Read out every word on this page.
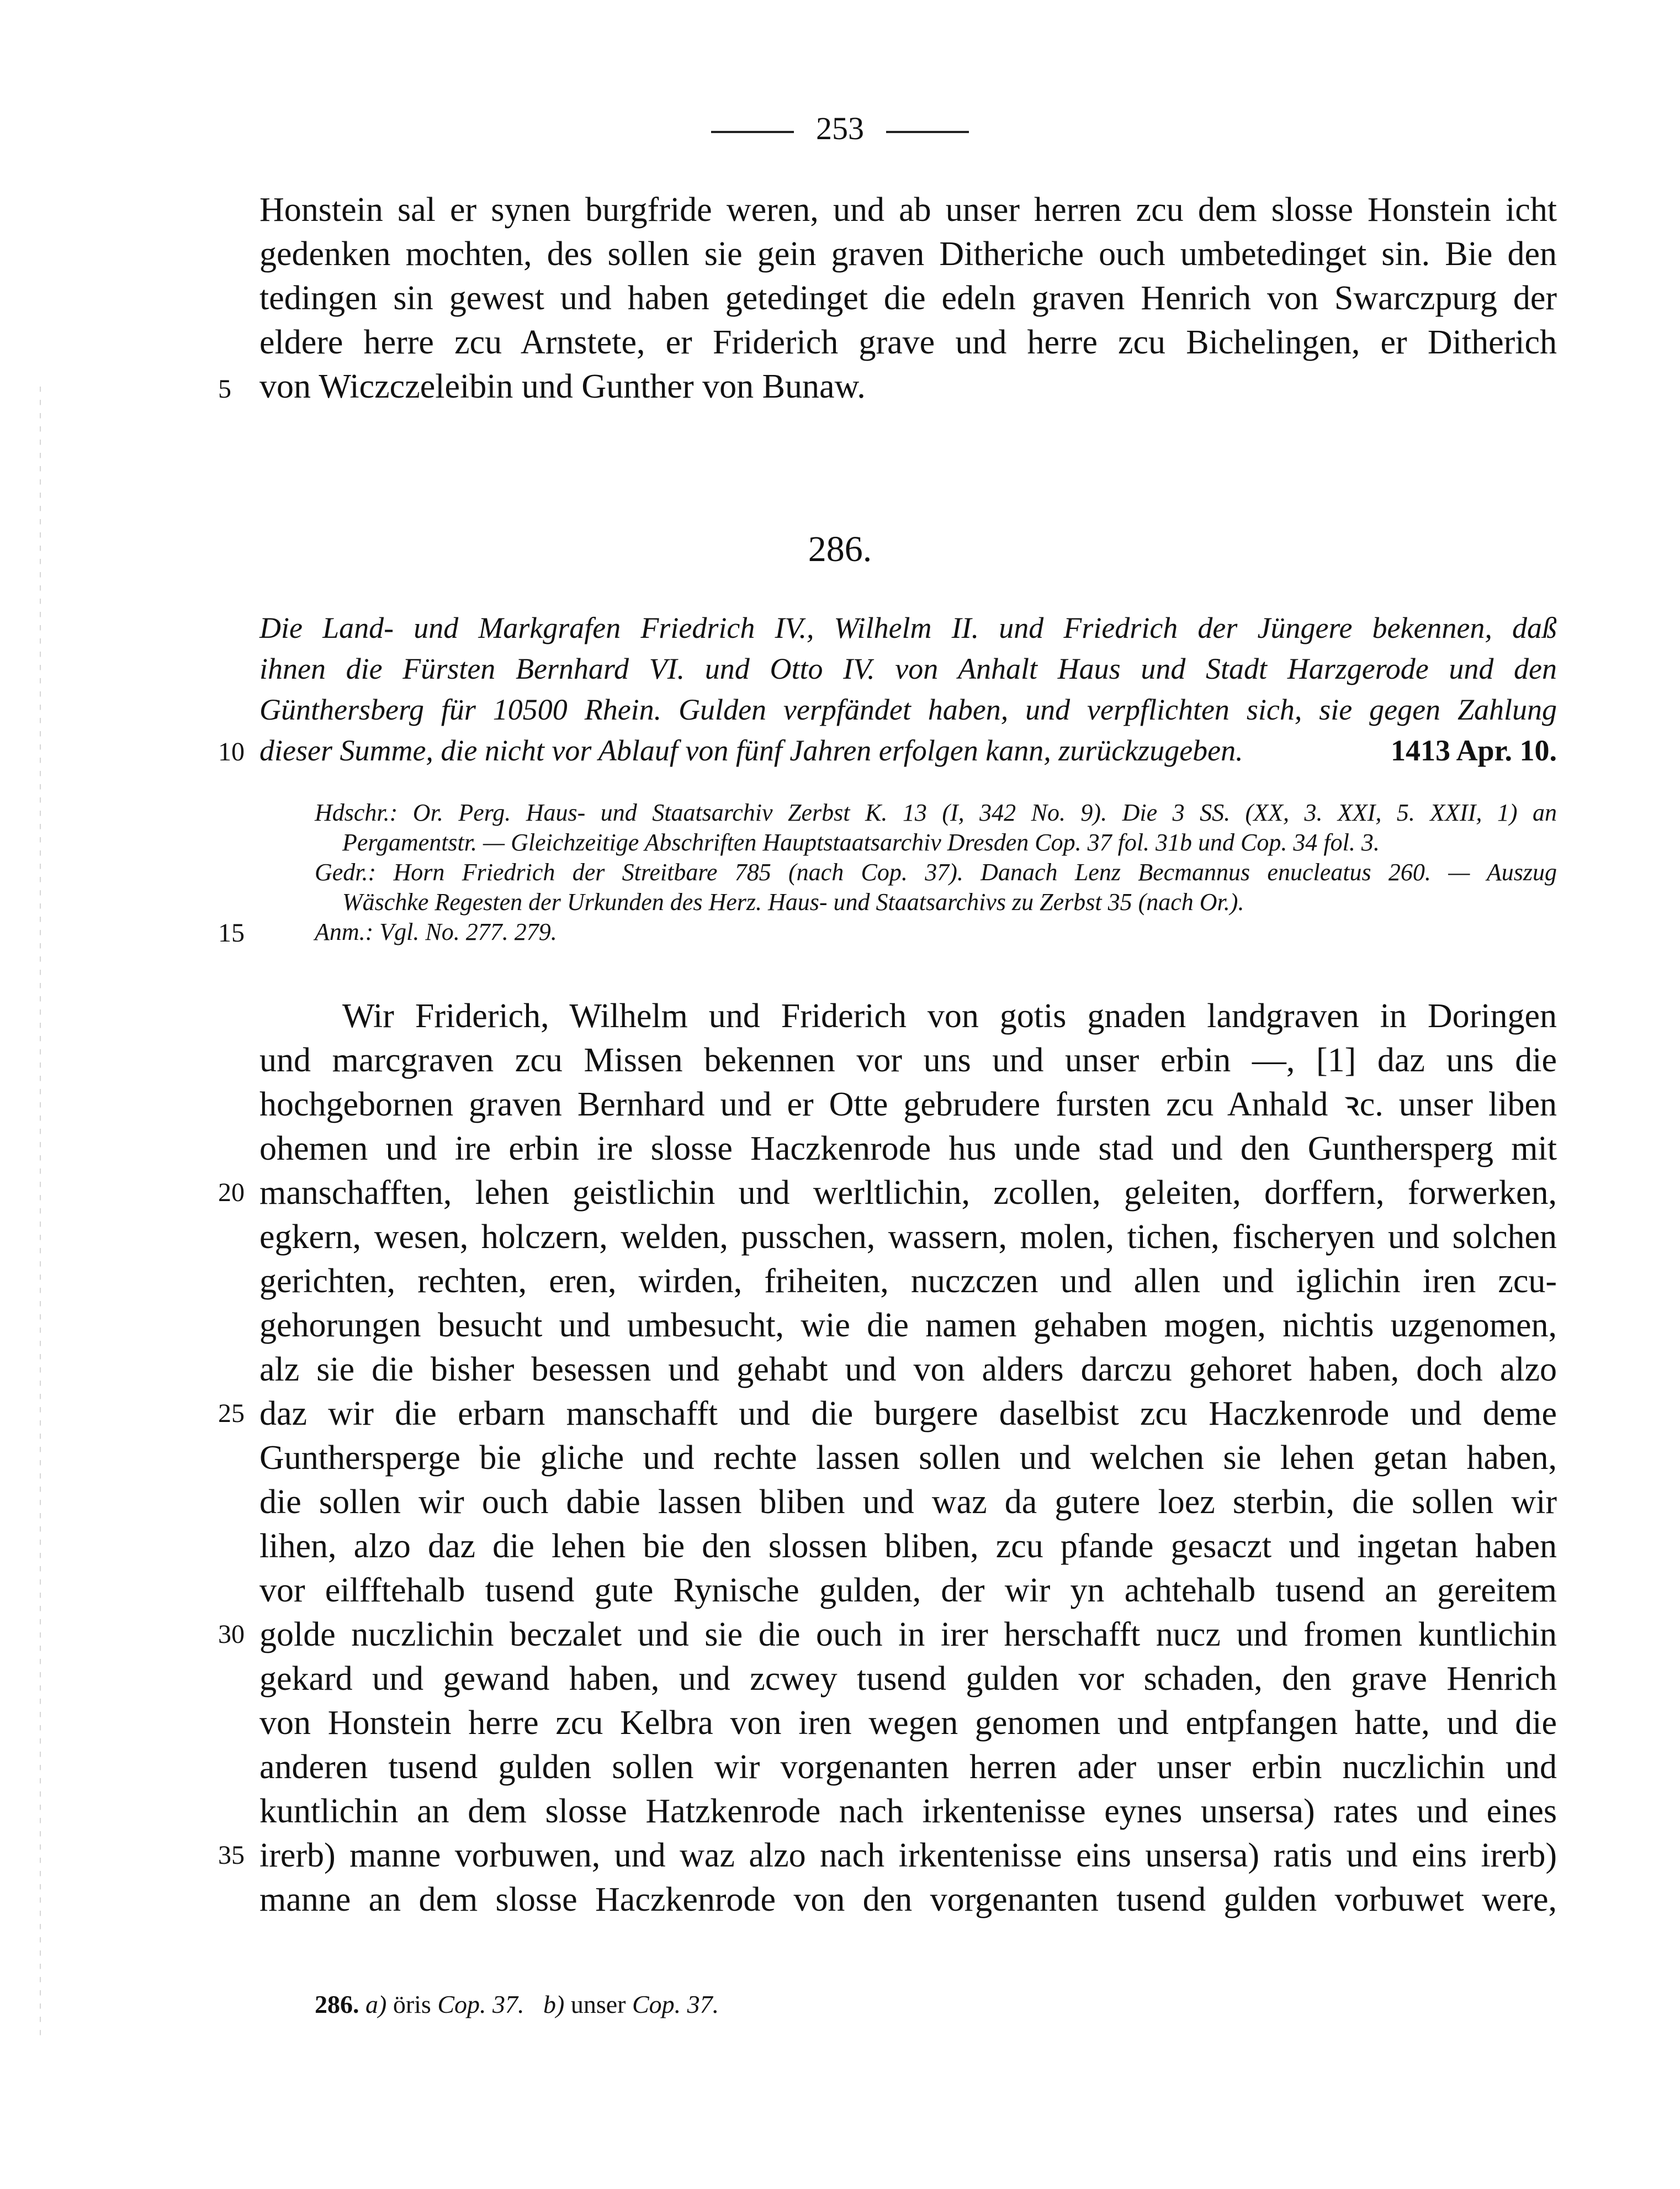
253
Honstein sal er synen burgfride weren, und ab unser herren zcu dem slosse Honstein icht
gedenken mochten, des sollen sie gein graven Ditheriche ouch umbetedinget sin. Bie den
tedingen sin gewest und haben getedinget die edeln graven Henrich von Swarczpurg der
eldere herre zcu Arnstete, er Friderich grave und herre zcu Bichelingen, er Ditherich
von Wiczczeleibin und Gunther von Bunaw.
5
286.
Die Land- und Markgrafen Friedrich IV., Wilhelm II. und Friedrich der Jüngere bekennen, daß
ihnen die Fürsten Bernhard VI. und Otto IV. von Anhalt Haus und Stadt Harzgerode und den
Günthersberg für 10500 Rhein. Gulden verpfändet haben, und verpflichten sich, sie gegen Zahlung
dieser Summe, die nicht vor Ablauf von fünf Jahren erfolgen kann, zurückzugeben.	1413 Apr. 10.
10
Hdschr.: Or. Perg. Haus- und Staatsarchiv Zerbst K. 13 (I, 342 No. 9). Die 3 SS. (XX, 3. XXI, 5. XXII, 1) an
Pergamentstr. — Gleichzeitige Abschriften Hauptstaatsarchiv Dresden Cop. 37 fol. 31b und Cop. 34 fol. 3.
Gedr.: Horn Friedrich der Streitbare 785 (nach Cop. 37). Danach Lenz Becmannus enucleatus 260. — Auszug
Wäschke Regesten der Urkunden des Herz. Haus- und Staatsarchivs zu Zerbst 35 (nach Or.).
Anm.: Vgl. No. 277. 279.
15
Wir Friderich, Wilhelm und Friderich von gotis gnaden landgraven in Doringen
und marcgraven zcu Missen bekennen vor uns und unser erbin —, [1] daz uns die
hochgebornen graven Bernhard und er Otte gebrudere fursten zcu Anhald ꝛc. unser liben
ohemen und ire erbin ire slosse Haczkenrode hus unde stad und den Gunthersperg mit
manschafften, lehen geistlichin und werltlichin, zcollen, geleiten, dorffern, forwerken,
20
egkern, wesen, holczern, welden, pusschen, wassern, molen, tichen, fischeryen und solchen
gerichten, rechten, eren, wirden, friheiten, nuczczen und allen und iglichin iren zcu-
gehorungen besucht und umbesucht, wie die namen gehaben mogen, nichtis uzgenomen,
alz sie die bisher besessen und gehabt und von alders darczu gehoret haben, doch alzo
daz wir die erbarn manschafft und die burgere daselbist zcu Haczkenrode und deme
25
Gunthersperge bie gliche und rechte lassen sollen und welchen sie lehen getan haben,
die sollen wir ouch dabie lassen bliben und waz da gutere loez sterbin, die sollen wir
lihen, alzo daz die lehen bie den slossen bliben, zcu pfande gesaczt und ingetan haben
vor eilfftehalb tusend gute Rynische gulden, der wir yn achtehalb tusend an gereitem
golde nuczlichin beczalet und sie die ouch in irer herschafft nucz und fromen kuntlichin
30
gekard und gewand haben, und zcwey tusend gulden vor schaden, den grave Henrich
von Honstein herre zcu Kelbra von iren wegen genomen und entpfangen hatte, und die
anderen tusend gulden sollen wir vorgenanten herren ader unser erbin nuczlichin und
kuntlichin an dem slosse Hatzkenrode nach irkentenisse eynes unsersa) rates und eines
irerb) manne vorbuwen, und waz alzo nach irkentenisse eins unsersa) ratis und eins irerb)
35
manne an dem slosse Haczkenrode von den vorgenanten tusend gulden vorbuwet were,
286. a) öris Cop. 37. b) unser Cop. 37.
